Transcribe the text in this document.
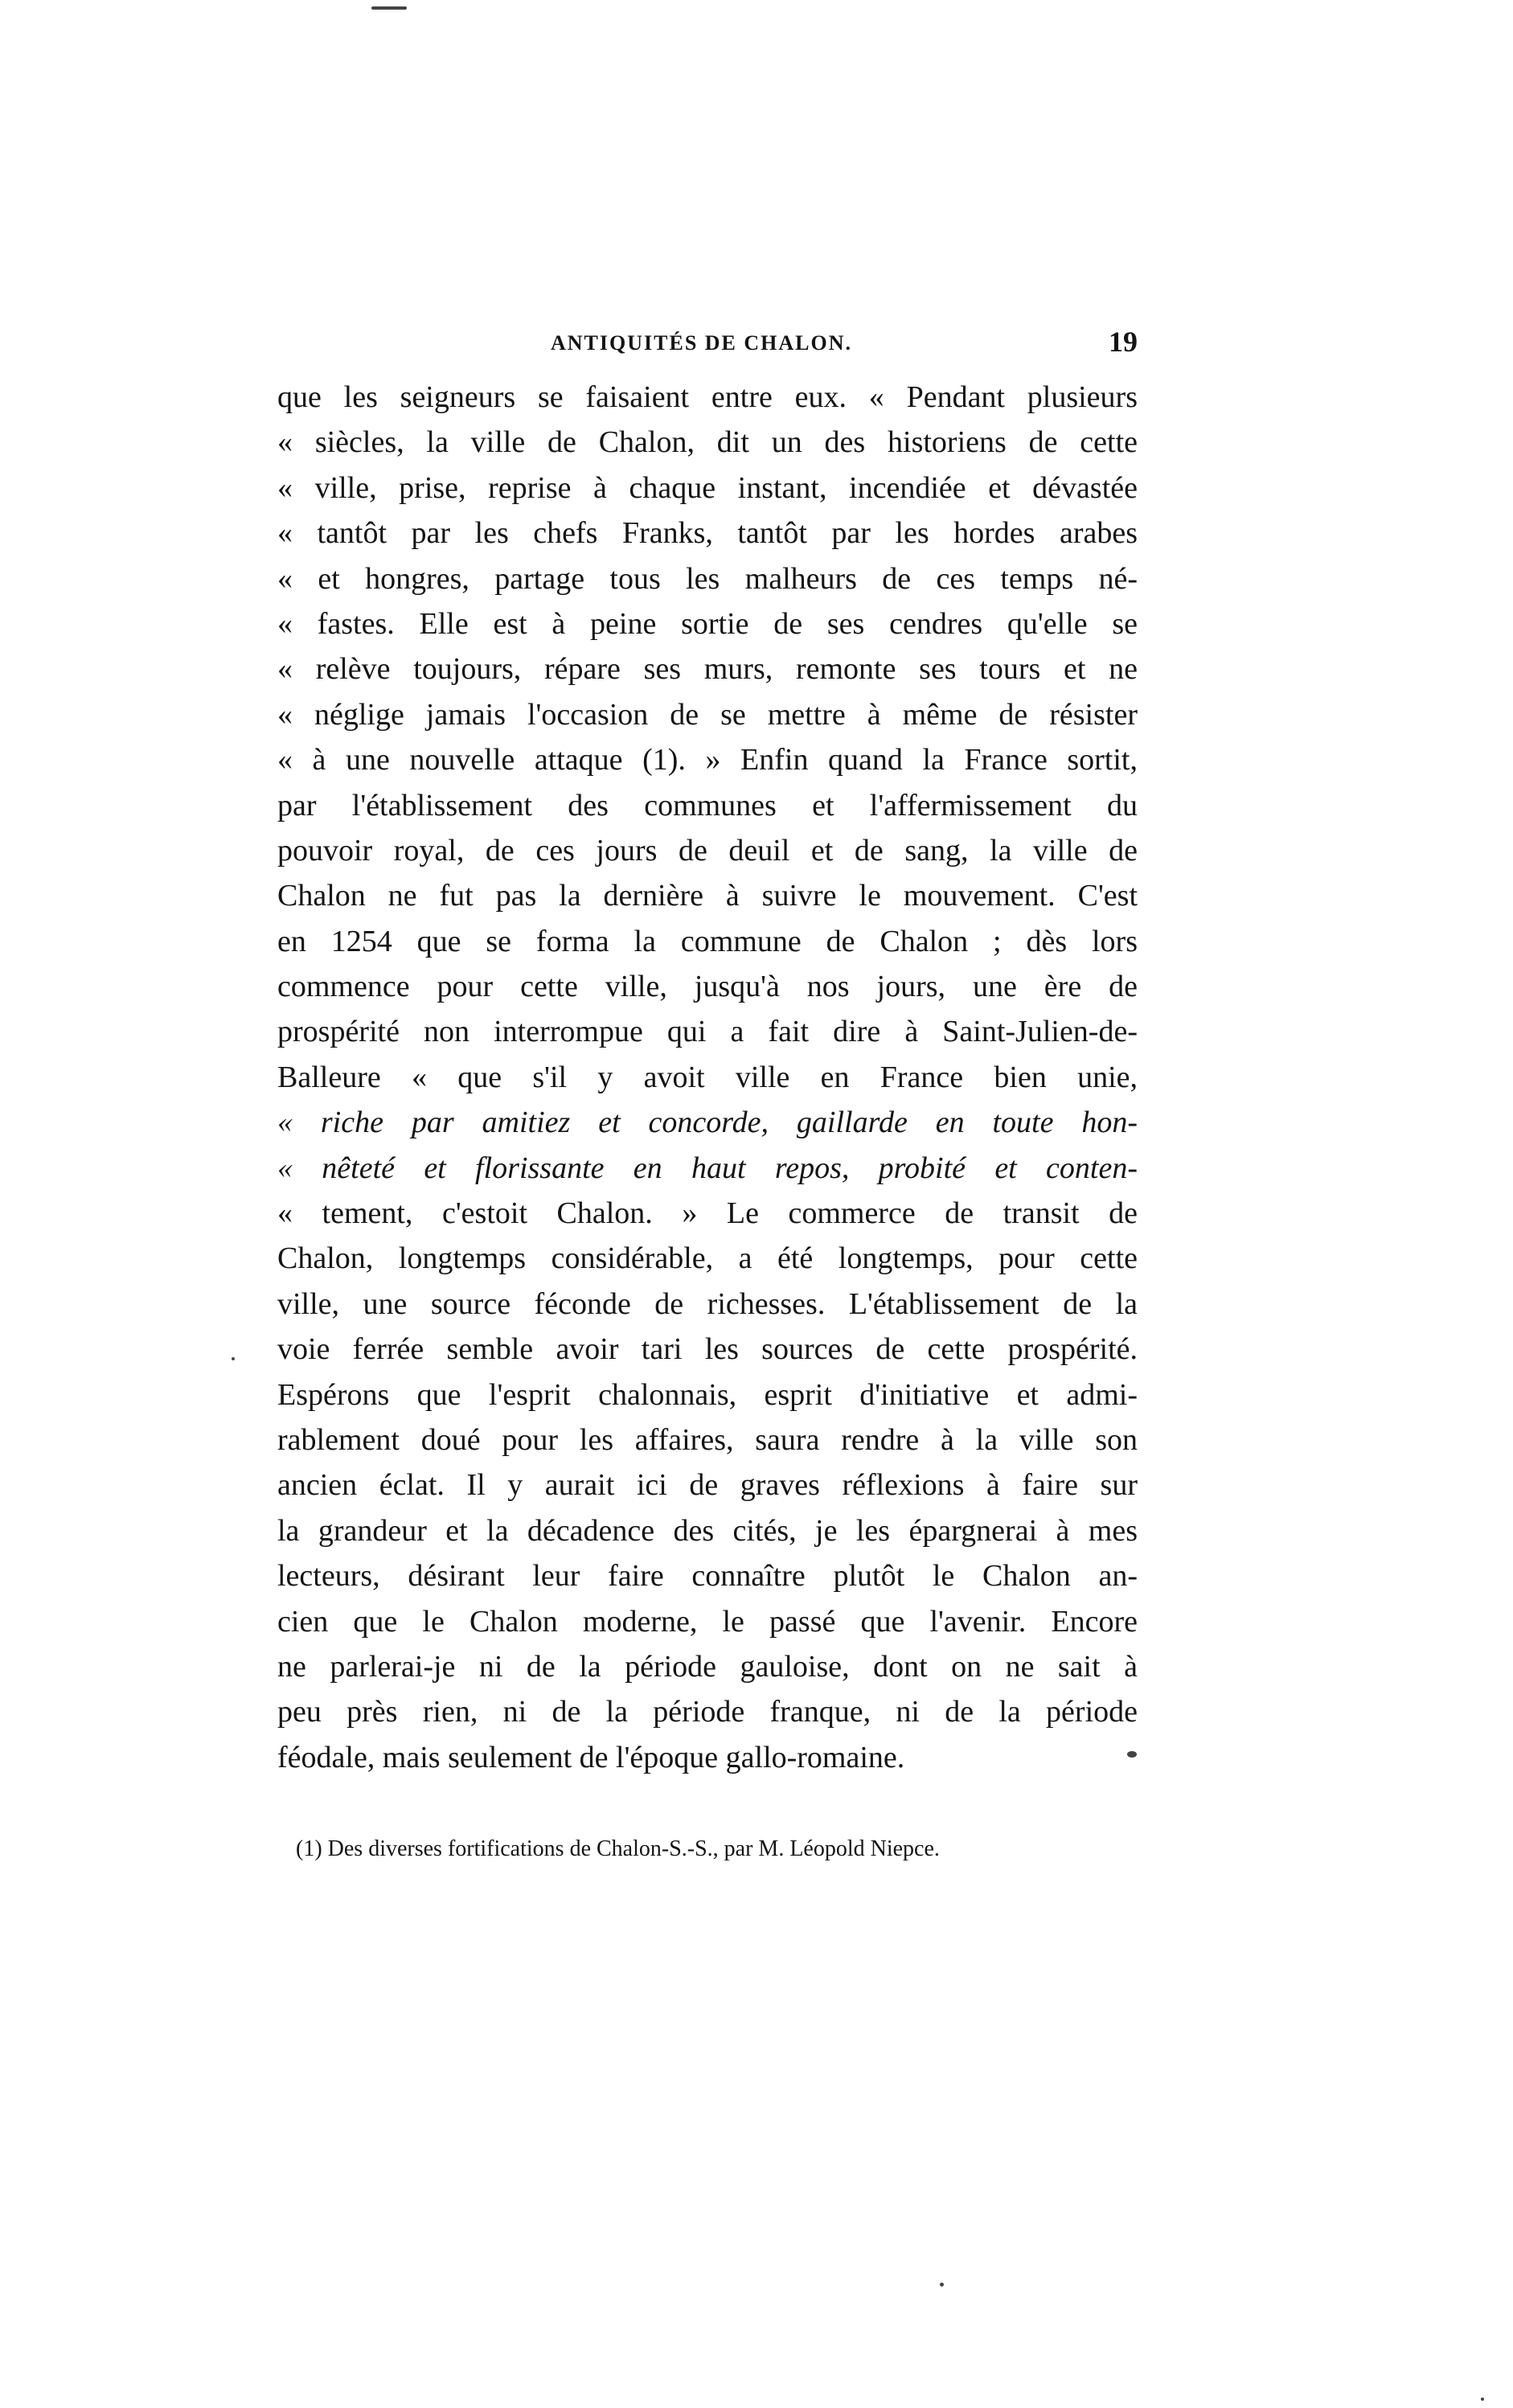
ANTIQUITÉS DE CHALON.	19
que les seigneurs se faisaient entre eux. « Pendant plusieurs
« siècles, la ville de Chalon, dit un des historiens de cette
« ville, prise, reprise à chaque instant, incendiée et dévastée
« tantôt par les chefs Franks, tantôt par les hordes arabes
« et hongres, partage tous les malheurs de ces temps né-
« fastes. Elle est à peine sortie de ses cendres qu'elle se
« relève toujours, répare ses murs, remonte ses tours et ne
« néglige jamais l'occasion de se mettre à même de résister
« à une nouvelle attaque (1). » Enfin quand la France sortit,
par l'établissement des communes et l'affermissement du
pouvoir royal, de ces jours de deuil et de sang, la ville de
Chalon ne fut pas la dernière à suivre le mouvement. C'est
en 1254 que se forma la commune de Chalon ; dès lors
commence pour cette ville, jusqu'à nos jours, une ère de
prospérité non interrompue qui a fait dire à Saint-Julien-de-
Balleure « que s'il y avoit ville en France bien unie,
« riche par amitiez et concorde, gaillarde en toute hon-
« nêteté et florissante en haut repos, probité et conten-
« tement, c'estoit Chalon. » Le commerce de transit de
Chalon, longtemps considérable, a été longtemps, pour cette
ville, une source féconde de richesses. L'établissement de la
voie ferrée semble avoir tari les sources de cette prospérité.
Espérons que l'esprit chalonnais, esprit d'initiative et admi-
rablement doué pour les affaires, saura rendre à la ville son
ancien éclat. Il y aurait ici de graves réflexions à faire sur
la grandeur et la décadence des cités, je les épargnerai à mes
lecteurs, désirant leur faire connaître plutôt le Chalon an-
cien que le Chalon moderne, le passé que l'avenir. Encore
ne parlerai-je ni de la période gauloise, dont on ne sait à
peu près rien, ni de la période franque, ni de la période
féodale, mais seulement de l'époque gallo-romaine.
(1) Des diverses fortifications de Chalon-S.-S., par M. Léopold Niepce.
